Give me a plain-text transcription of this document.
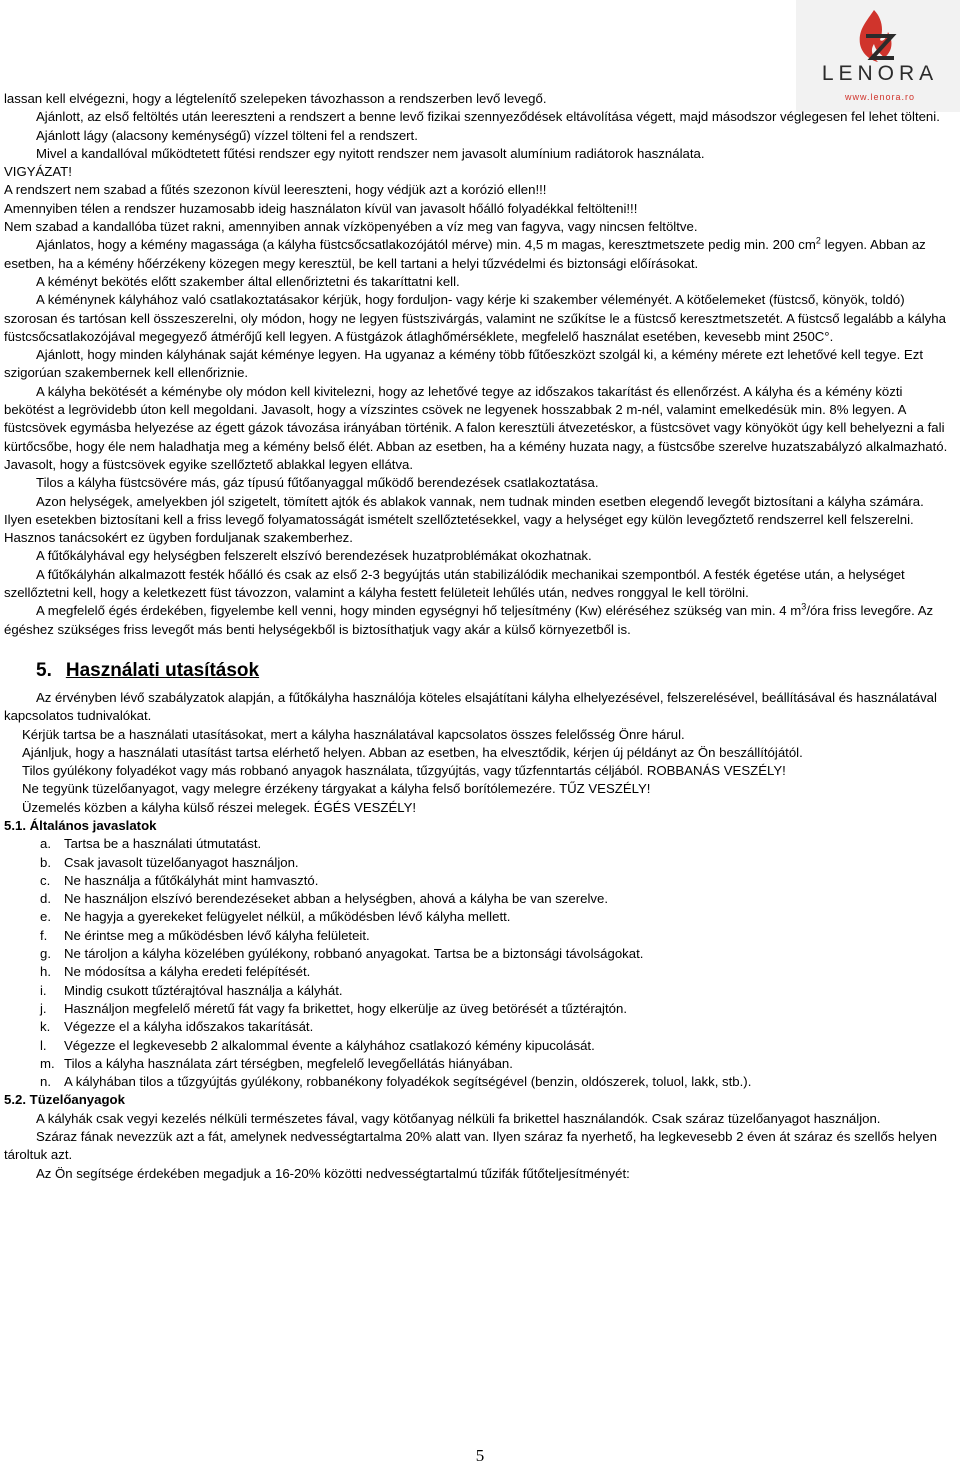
LENORA
www.lenora.ro

lassan kell elvégezni, hogy a légtelenítő szelepeken távozhasson a rendszerben levő levegő.

Ajánlott, az első feltöltés után leereszteni a rendszert a benne levő fizikai szennyeződések eltávolítása végett, majd másodszor véglegesen fel lehet tölteni.

Ajánlott lágy (alacsony keménységű) vízzel tölteni fel a rendszert.

Mivel a kandallóval működtetett fűtési rendszer egy nyitott rendszer nem javasolt alumínium radiátorok használata.

VIGYÁZAT!

A rendszert nem szabad a fűtés szezonon kívül leereszteni, hogy védjük azt a korózió ellen!!!

Amennyiben télen a rendszer huzamosabb ideig használaton kívül van javasolt hőálló folyadékkal feltölteni!!!

Nem szabad a kandallóba tüzet rakni, amennyiben annak vízköpenyében a víz meg van fagyva, vagy nincsen feltöltve.

Ajánlatos, hogy a kémény magassága (a kályha füstcsőcsatlakozójától mérve) min. 4,5 m magas, keresztmetszete pedig min. 200 $cm^2$ legyen. Abban az esetben, ha a kémény hőérzékeny közegen megy keresztül, be kell tartani a helyi tűzvédelmi és biztonsági előírásokat.

A kéményt bekötés előtt szakember által ellenőriztetni és takaríttatni kell.

A kéménynek kályhához való csatlakoztatásakor kérjük, hogy forduljon- vagy kérje ki szakember véleményét. A kötőelemeket (füstcső, könyök, toldó) szorosan és tartósan kell összeszerelni, oly módon, hogy ne legyen füstszivárgás, valamint ne szűkítse le a füstcső keresztmetszetét. A füstcső legalább a kályha füstcsőcsatlakozójával megegyező átmérőjű kell legyen. A füstgázok átlaghőmérséklete, megfelelő használat esetében, kevesebb mint 250C°.

Ajánlott, hogy minden kályhának saját kéménye legyen. Ha ugyanaz a kémény több fűtőeszközt szolgál ki, a kémény mérete ezt lehetővé kell tegye. Ezt szigorúan szakembernek kell ellenőriznie.

A kályha bekötését a kéménybe oly módon kell kivitelezni, hogy az lehetővé tegye az időszakos takarítást és ellenőrzést. A kályha és a kémény közti bekötést a legrövidebb úton kell megoldani. Javasolt, hogy a vízszintes csövek ne legyenek hosszabbak 2 m-nél, valamint emelkedésük min. 8% legyen. A füstcsövek egymásba helyezése az égett gázok távozása irányában történik. A falon keresztüli átvezetéskor, a füstcsövet vagy könyököt úgy kell behelyezni a fali kürtőcsőbe, hogy éle nem haladhatja meg a kémény belső élét. Abban az esetben, ha a kémény huzata nagy, a füstcsőbe szerelve huzatszabályzó alkalmazható. Javasolt, hogy a füstcsövek egyike szellőztető ablakkal legyen ellátva.

Tilos a kályha füstcsövére más, gáz típusú fűtőanyaggal működő berendezések csatlakoztatása.

Azon helységek, amelyekben jól szigetelt, tömített ajtók és ablakok vannak, nem tudnak minden esetben elegendő levegőt biztosítani a kályha számára. Ilyen esetekben biztosítani kell a friss levegő folyamatosságát ismételt szellőztetésekkel, vagy a helységet egy külön levegőztető rendszerrel kell felszerelni. Hasznos tanácsokért ez ügyben forduljanak szakemberhez.

A fűtőkályhával egy helységben felszerelt elszívó berendezések huzatproblémákat okozhatnak.

A fűtőkályhán alkalmazott festék hőálló és csak az első 2-3 begyújtás után stabilizálódik mechanikai szempontból. A festék égetése után, a helységet szellőztetni kell, hogy a keletkezett füst távozzon, valamint a kályha festett felületeit lehűlés után, nedves ronggyal le kell törölni.

A megfelelő égés érdekében, figyelembe kell venni, hogy minden egységnyi hő teljesítmény (Kw) eléréséhez szükség van min. 4 $m^3$/óra friss levegőre. Az égéshez szükséges friss levegőt más benti helységekből is biztosíthatjuk vagy akár a külső környezetből is.

5. Használati utasítások

Az érvényben lévő szabályzatok alapján, a fűtőkályha használója köteles elsajátítani kályha elhelyezésével, felszerelésével, beállításával és használatával kapcsolatos tudnivalókat.

Kérjük tartsa be a használati utasításokat, mert a kályha használatával kapcsolatos összes felelősség Önre hárul.

Ajánljuk, hogy a használati utasítást tartsa elérhető helyen. Abban az esetben, ha elvesztődik, kérjen új példányt az Ön beszállítójától.

Tilos gyúlékony folyadékot vagy más robbanó anyagok használata, tűzgyújtás, vagy tűzfenntartás céljából. ROBBANÁS VESZÉLY!

Ne tegyünk tüzelőanyagot, vagy melegre érzékeny tárgyakat a kályha felső borítólemezére. TŰZ VESZÉLY!

Üzemelés közben a kályha külső részei melegek. ÉGÉS VESZÉLY!

5.1. Általános javaslatok
a. Tartsa be a használati útmutatást.
b. Csak javasolt tüzelőanyagot használjon.
c. Ne használja a fűtőkályhát mint hamvasztó.
d. Ne használjon elszívó berendezéseket abban a helységben, ahová a kályha be van szerelve.
e. Ne hagyja a gyerekeket felügyelet nélkül, a működésben lévő kályha mellett.
f. Ne érintse meg a működésben lévő kályha felületeit.
g. Ne tároljon a kályha közelében gyúlékony, robbanó anyagokat. Tartsa be a biztonsági távolságokat.
h. Ne módosítsa a kályha eredeti felépítését.
i. Mindig csukott tűztérajtóval használja a kályhát.
j. Használjon megfelelő méretű fát vagy fa brikettet, hogy elkerülje az üveg betörését a tűztérajtón.
k. Végezze el a kályha időszakos takarítását.
l. Végezze el legkevesebb 2 alkalommal évente a kályhához csatlakozó kémény kipucolását.
m. Tilos a kályha használata zárt térségben, megfelelő levegőellátás hiányában.
n. A kályhában tilos a tűzgyújtás gyúlékony, robbanékony folyadékok segítségével (benzin, oldószerek, toluol, lakk, stb.).
5.2. Tüzelőanyagok

A kályhák csak vegyi kezelés nélküli természetes fával, vagy kötőanyag nélküli fa brikettel használandók. Csak száraz tüzelőanyagot használjon.

Száraz fának nevezzük azt a fát, amelynek nedvességtartalma 20% alatt van. Ilyen száraz fa nyerhető, ha legkevesebb 2 éven át száraz és szellős helyen tároltuk azt.

Az Ön segítsége érdekében megadjuk a 16-20% közötti nedvességtartalmú tűzifák fűtőteljesítményét:

5
